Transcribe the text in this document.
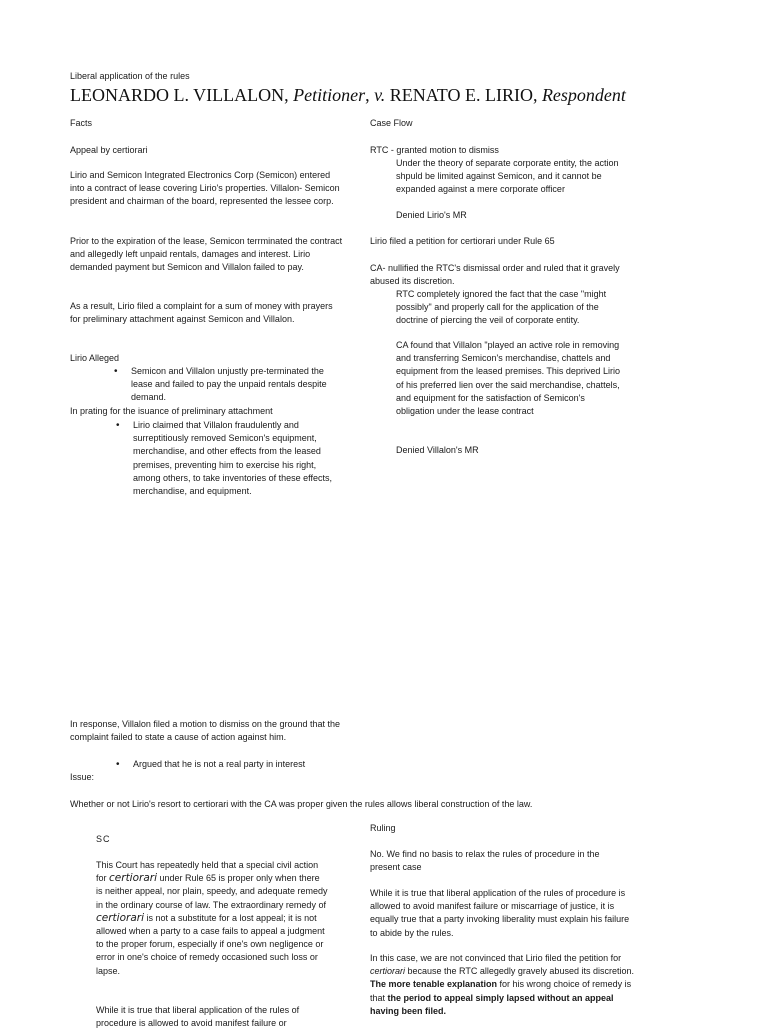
Liberal application of the rules
LEONARDO L. VILLALON, Petitioner, v. RENATO E. LIRIO, Respondent
Facts
Appeal by certiorari

Lirio and Semicon Integrated Electronics Corp (Semicon) entered into a contract of lease covering Lirio's properties. Villalon- Semicon president and chairman of the board, represented the lessee corp.

Prior to the expiration of the lease, Semicon terrminated the contract and allegedly left unpaid rentals, damages and interest. Lirio demanded payment but Semicon and Villalon failed to pay.

As a result, Lirio filed a complaint for a sum of money with prayers for preliminary attachment against Semicon and Villalon.

Lirio Alleged
• Semicon and Villalon unjustly pre-terminated the lease and failed to pay the unpaid rentals despite demand.
In prating for the isuance of preliminary attachment
• Lirio claimed that Villalon fraudulently and surreptitiously removed Semicon's equipment, merchandise, and other effects from the leased premises, preventing him to exercise his right, among others, to take inventories of these effects, merchandise, and equipment.

In response, Villalon filed a motion to dismiss on the ground that the complaint failed to state a cause of action against him.

• Argued that he is not a real party in interest
Case Flow
RTC - granted motion to dismiss

Under the theory of separate corporate entity, the action shpuld be limited against Semicon, and it cannot be expanded against a mere corporate officer

Denied Lirio's MR
Lirio filed a petition for certiorari under Rule 65

CA- nullified the RTC's dismissal order and ruled that it gravely abused its discretion.

RTC completely ignored the fact that the case "might possibly" and properly call for the application of the doctrine of piercing the veil of corporate entity.

CA found that Villalon "played an active role in removing and transferring Semicon's merchandise, chattels and equipment from the leased premises. This deprived Lirio of his preferred lien over the said merchandise, chattels, and equipment for the satisfaction of Semicon's obligation under the lease contract

Denied Villalon's MR
Issue:
Whether or not Lirio's resort to certiorari with the CA was proper given the rules allows liberal construction of the law.
SC

This Court has repeatedly held that a special civil action for certiorari under Rule 65 is proper only when there is neither appeal, nor plain, speedy, and adequate remedy in the ordinary course of law. The extraordinary remedy of certiorari is not a substitute for a lost appeal; it is not allowed when a party to a case fails to appeal a judgment to the proper forum, especially if one's own negligence or error in one's choice of remedy occasioned such loss or lapse.

While it is true that liberal application of the rules of procedure is allowed to avoid manifest failure or

Ruling

No. We find no basis to relax the rules of procedure in the present case

While it is true that liberal application of the rules of procedure is allowed to avoid manifest failure or miscarriage of justice, it is equally true that a party invoking liberality must explain his failure to abide by the rules.

In this case, we are not convinced that Lirio filed the petition for certiorari because the RTC allegedly gravely abused its discretion. The more tenable explanation for his wrong choice of remedy is that the period to appeal simply lapsed without an appeal having been filed.
